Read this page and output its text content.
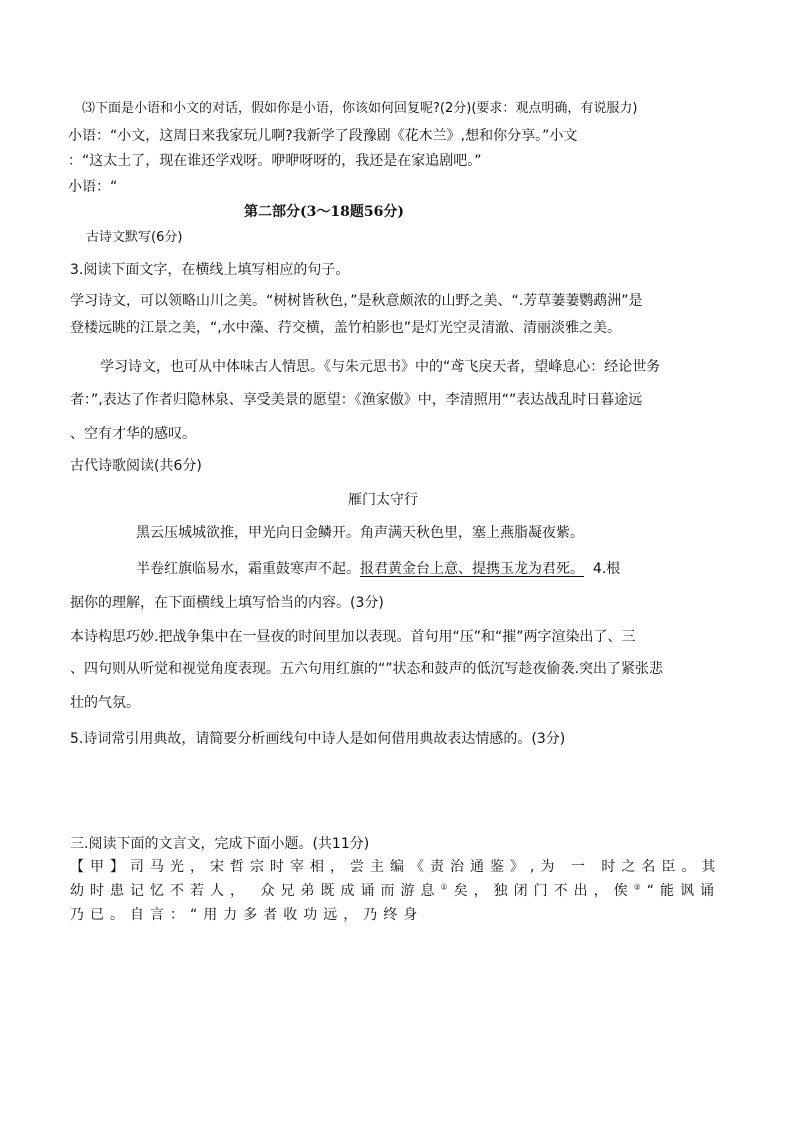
⑶下面是小语和小文的对话，假如你是小语，你该如何回复呢?(2分)(要求：观点明确，有说服力)
小语：“小文，这周日来我家玩儿啊?我新学了段豫剧《花木兰》,想和你分享。”小文
：“这太土了，现在谁还学戏呀。咿咿呀呀的，我还是在家追剧吧。”
小语：“
第二部分(3～18题56分)
古诗文默写(6分)
3.阅读下面文字，在横线上填写相应的句子。
学习诗文，可以领略山川之美。“树树皆秋色，”是秋意颇浓的山野之美、“.芳草萋萋鹦鹉洲”是
登楼远眺的江景之美，“,水中藻、荇交横，盖竹柏影也”是灯光空灵清澈、清丽淡雅之美。
学习诗文，也可从中体味古人情思。《与朱元思书》中的“鸢飞戾天者，望峰息心：经论世务
者：”,表达了作者归隐林泉、享受美景的愿望：《渔家傲》中，李清照用“”表达战乱时日暮途远
、空有才华的感叹。
古代诗歌阅读(共6分)
雁门太守行
黑云压城城欲推，甲光向日金鳞开。角声满天秋色里，塞上燕脂凝夜紫。
半卷红旗临易水，霜重鼓寒声不起。报君黄金台上意、提携玉龙为君死。 4.根
据你的理解，在下面横线上填写恰当的内容。(3分)
本诗构思巧妙.把战争集中在一昼夜的时间里加以表现。首句用“压”和“摧”两字渲染出了、三
、四句则从听觉和视觉角度表现。五六句用红旗的“”状态和鼓声的低沉写趁夜偷袭.突出了紧张悲
壮的气氛。
5.诗词常引用典故，请简要分析画线句中诗人是如何借用典故表达情感的。(3分)
三.阅读下面的文言文，完成下面小题。(共11分)
【甲】司马光，宋哲宗时宰相，尝主编《责治通鉴》,为 一 时之名臣。其
幼时患记忆不若人， 众兄弟既成诵而游息①矣，独闭门不出，俟②“能讽诵
乃已。自言：“用力多者收功远，乃终身
